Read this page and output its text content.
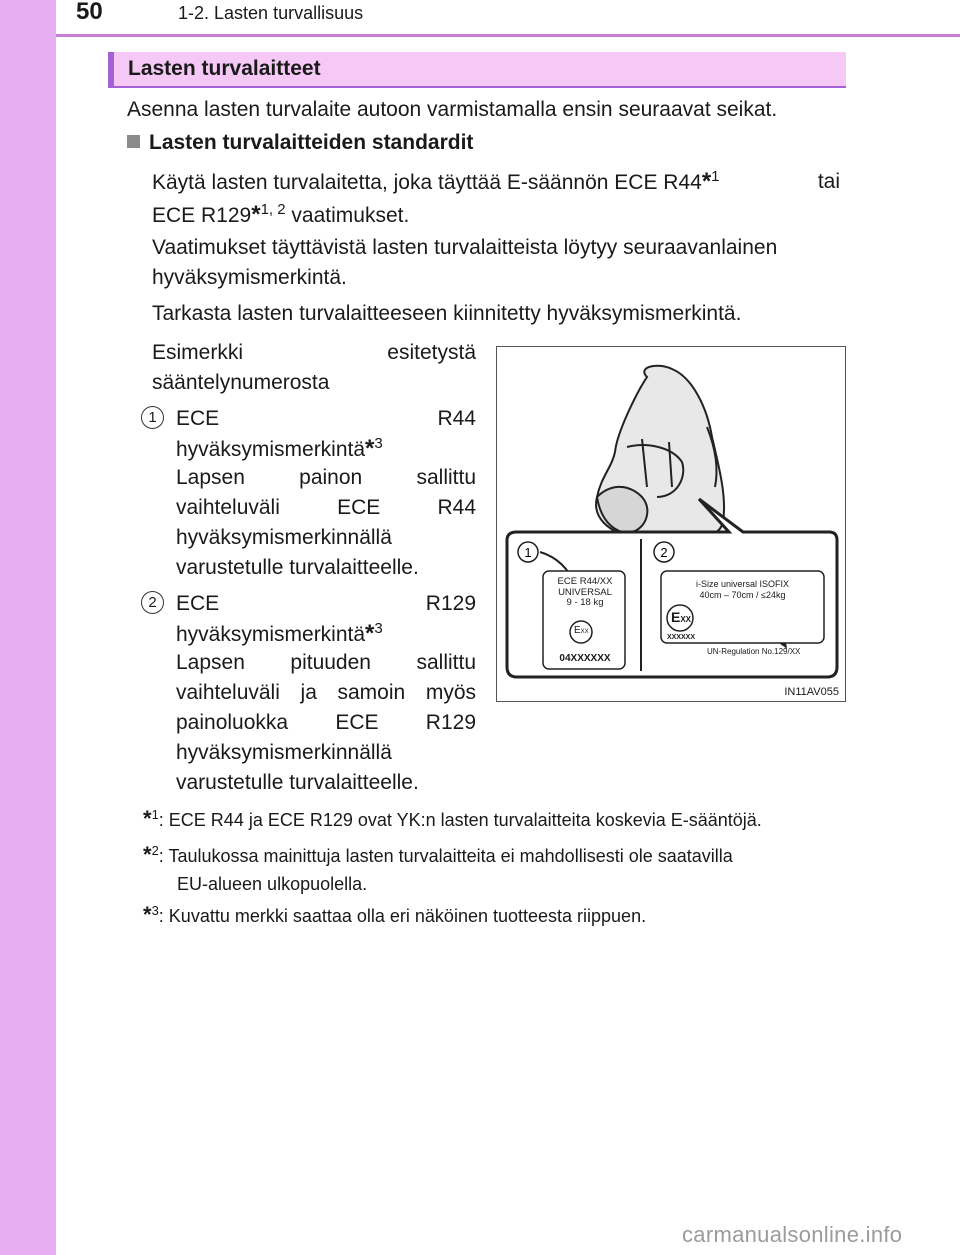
50	1-2. Lasten turvallisuus
Lasten turvalaitteet
Asenna lasten turvalaite autoon varmistamalla ensin seuraavat seikat.
Lasten turvalaitteiden standardit
Käytä lasten turvalaitetta, joka täyttää E-säännön ECE R44*$^1$	tai
ECE R129*$^{1, 2}$ vaatimukset.
Vaatimukset täyttävistä lasten turvalaitteista löytyy seuraavanlainen hyväksymismerkintä.
Tarkasta lasten turvalaitteeseen kiinnitetty hyväksymismerkintä.
Esimerkki esitetystä sääntelynumerosta
1 ECE R44 hyväksymismerkintä*$^3$
Lapsen painon sallittu vaihteluväli ECE R44 hyväksymismerkinnällä varustetulle turvalaitteelle.
2 ECE R129 hyväksymismerkintä*$^3$
Lapsen pituuden sallittu vaihteluväli ja samoin myös painoluokka ECE R129 hyväksymismerkinnällä varustetulle turvalaitteelle.
1	2
ECE R44/XX
UNIVERSAL
9 - 18 kg
EXX
04XXXXXX
i-Size universal ISOFIX
40cm – 70cm / ≤24kg
EXX
XXXXXX
UN-Regulation No.129/XX
IN11AV055
*$^1$: ECE R44 ja ECE R129 ovat YK:n lasten turvalaitteita koskevia E-sääntöjä.
*$^2$: Taulukossa mainittuja lasten turvalaitteita ei mahdollisesti ole saatavilla
EU-alueen ulkopuolella.
*$^3$: Kuvattu merkki saattaa olla eri näköinen tuotteesta riippuen.
carmanualsonline.info
